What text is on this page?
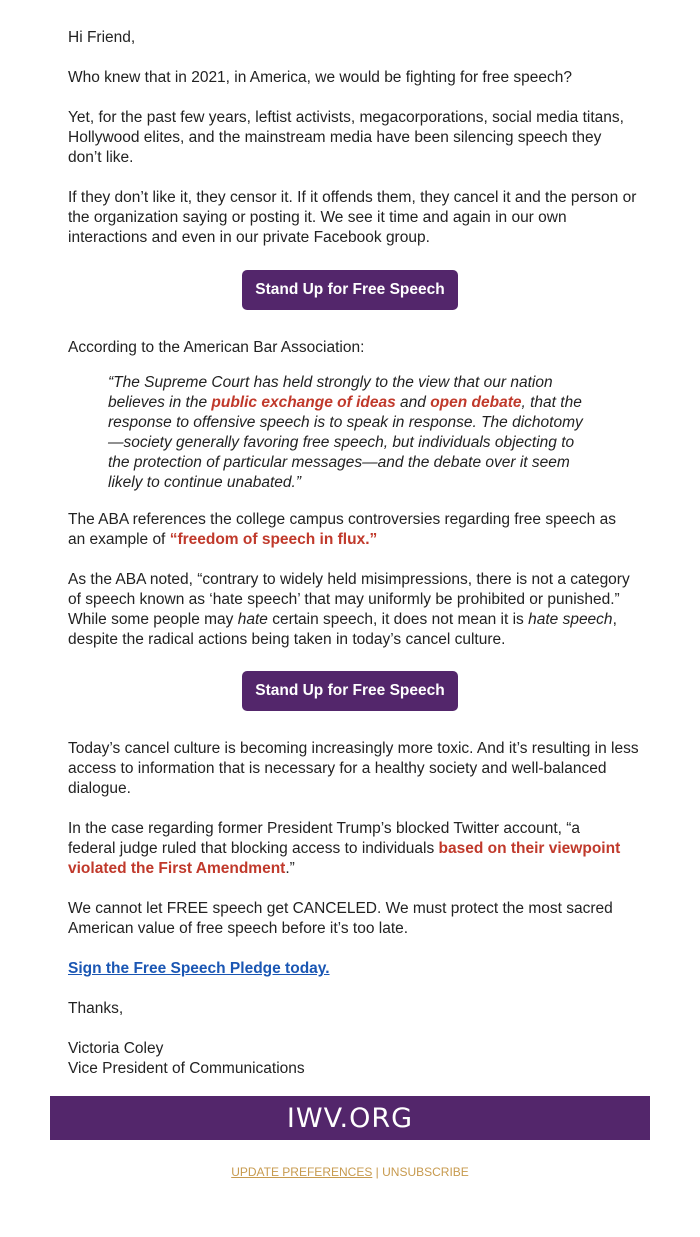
Hi Friend,

Who knew that in 2021, in America, we would be fighting for free speech?

Yet, for the past few years, leftist activists, megacorporations, social media titans, Hollywood elites, and the mainstream media have been silencing speech they don’t like.

If they don’t like it, they censor it. If it offends them, they cancel it and the person or the organization saying or posting it. We see it time and again in our own interactions and even in our private Facebook group.

Stand Up for Free Speech

According to the American Bar Association:

“The Supreme Court has held strongly to the view that our nation believes in the public exchange of ideas and open debate, that the response to offensive speech is to speak in response. The dichotomy—society generally favoring free speech, but individuals objecting to the protection of particular messages—and the debate over it seem likely to continue unabated.”

The ABA references the college campus controversies regarding free speech as an example of “freedom of speech in flux.”

As the ABA noted, “contrary to widely held misimpressions, there is not a category of speech known as ‘hate speech’ that may uniformly be prohibited or punished.” While some people may hate certain speech, it does not mean it is hate speech, despite the radical actions being taken in today’s cancel culture.

Stand Up for Free Speech

Today’s cancel culture is becoming increasingly more toxic. And it’s resulting in less access to information that is necessary for a healthy society and well-balanced dialogue.

In the case regarding former President Trump’s blocked Twitter account, “a federal judge ruled that blocking access to individuals based on their viewpoint violated the First Amendment.”

We cannot let FREE speech get CANCELED. We must protect the most sacred American value of free speech before it’s too late.

Sign the Free Speech Pledge today.

Thanks,

Victoria Coley

Vice President of Communications

IWV.ORG
UPDATE PREFERENCES | UNSUBSCRIBE
